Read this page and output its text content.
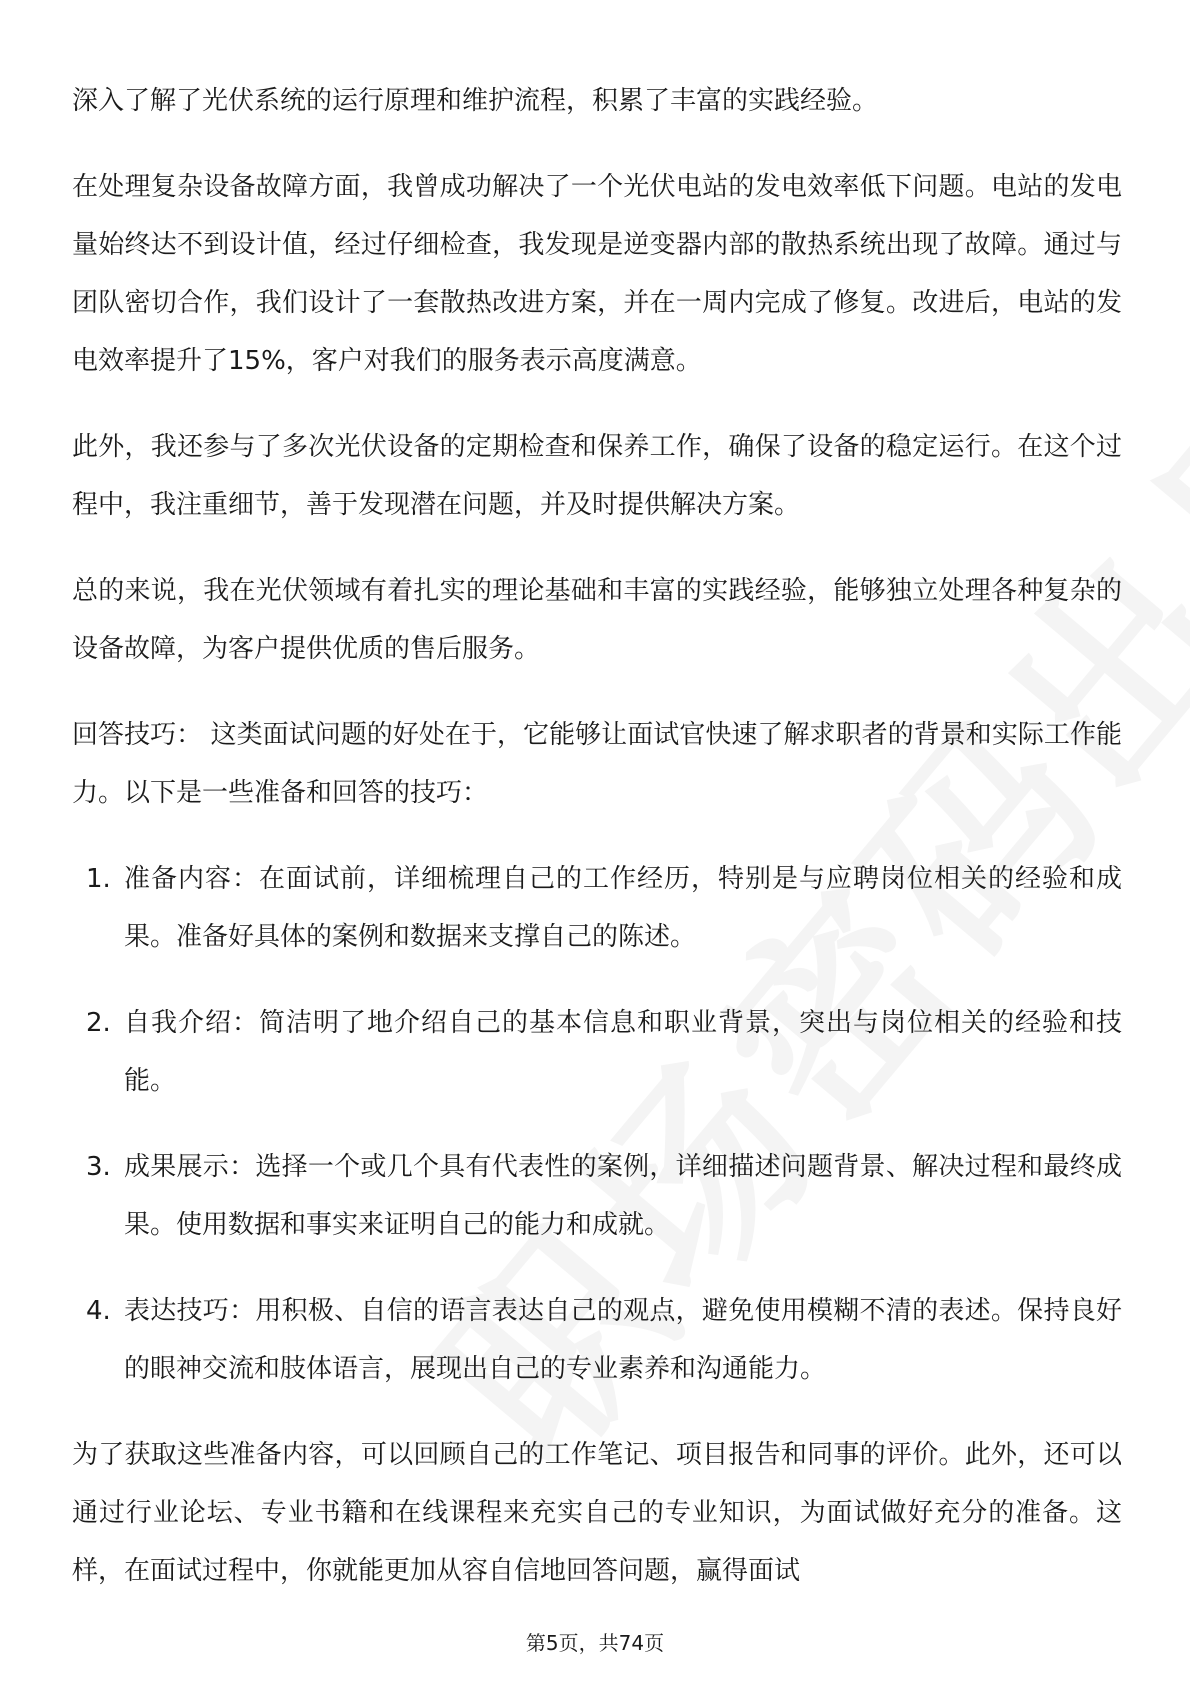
深入了解了光伏系统的运行原理和维护流程，积累了丰富的实践经验。

在处理复杂设备故障方面，我曾成功解决了一个光伏电站的发电效率低下问题。电站的发电量始终达不到设计值，经过仔细检查，我发现是逆变器内部的散热系统出现了故障。通过与团队密切合作，我们设计了一套散热改进方案，并在一周内完成了修复。改进后，电站的发电效率提升了15%，客户对我们的服务表示高度满意。

此外，我还参与了多次光伏设备的定期检查和保养工作，确保了设备的稳定运行。在这个过程中，我注重细节，善于发现潜在问题，并及时提供解决方案。

总的来说，我在光伏领域有着扎实的理论基础和丰富的实践经验，能够独立处理各种复杂的设备故障，为客户提供优质的售后服务。

回答技巧： 这类面试问题的好处在于，它能够让面试官快速了解求职者的背景和实际工作能力。以下是一些准备和回答的技巧：

1. 准备内容：在面试前，详细梳理自己的工作经历，特别是与应聘岗位相关的经验和成果。准备好具体的案例和数据来支撑自己的陈述。
2. 自我介绍：简洁明了地介绍自己的基本信息和职业背景，突出与岗位相关的经验和技能。
3. 成果展示：选择一个或几个具有代表性的案例，详细描述问题背景、解决过程和最终成果。使用数据和事实来证明自己的能力和成就。
4. 表达技巧：用积极、自信的语言表达自己的观点，避免使用模糊不清的表述。保持良好的眼神交流和肢体语言，展现出自己的专业素养和沟通能力。

为了获取这些准备内容，可以回顾自己的工作笔记、项目报告和同事的评价。此外，还可以通过行业论坛、专业书籍和在线课程来充实自己的专业知识，为面试做好充分的准备。这样，在面试过程中，你就能更加从容自信地回答问题，赢得面试

第5页，共74页
